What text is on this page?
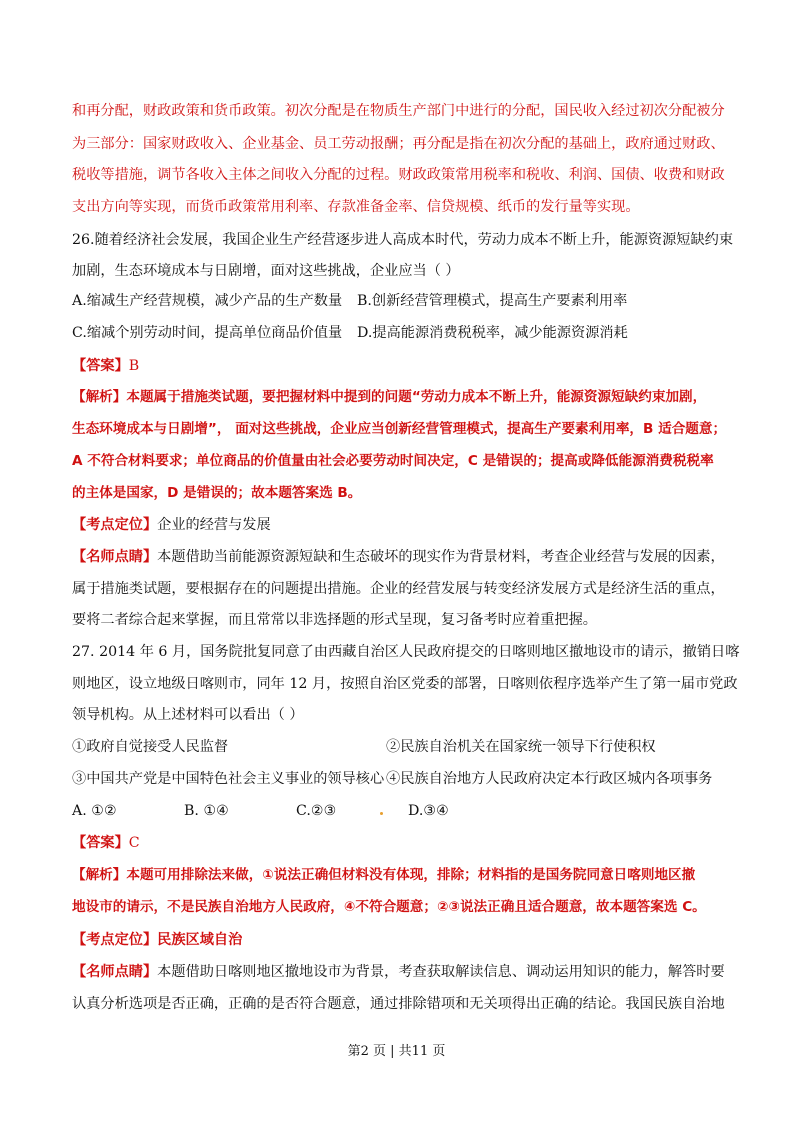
和再分配，财政政策和货币政策。初次分配是在物质生产部门中进行的分配，国民收入经过初次分配被分
为三部分：国家财政收入、企业基金、员工劳动报酬；再分配是指在初次分配的基础上，政府通过财政、
税收等措施，调节各收入主体之间收入分配的过程。财政政策常用税率和税收、利润、国债、收费和财政
支出方向等实现，而货币政策常用利率、存款准备金率、信贷规模、纸币的发行量等实现。
26.随着经济社会发展，我国企业生产经营逐步进人高成本时代，劳动力成本不断上升，能源资源短缺约束
加剧，生态环境成本与日剧增，面对这些挑战，企业应当（ ）
A.缩减生产经营规模，减少产品的生产数量 B.创新经营管理模式，提高生产要素利用率
C.缩减个别劳动时间，提高单位商品价值量 D.提高能源消费税税率，减少能源资源消耗
【答案】B
【解析】本题属于措施类试题，要把握材料中提到的问题“劳动力成本不断上升，能源资源短缺约束加剧，
生态环境成本与日剧增”， 面对这些挑战，企业应当创新经营管理模式，提高生产要素利用率，B 适合题意；
A 不符合材料要求；单位商品的价值量由社会必要劳动时间决定，C 是错误的；提高或降低能源消费税税率
的主体是国家，D 是错误的；故本题答案选 B。
【考点定位】企业的经营与发展
【名师点睛】本题借助当前能源资源短缺和生态破坏的现实作为背景材料，考查企业经营与发展的因素，
属于措施类试题，要根据存在的问题提出措施。企业的经营发展与转变经济发展方式是经济生活的重点，
要将二者综合起来掌握，而且常常以非选择题的形式呈现，复习备考时应着重把握。
27. 2014 年 6 月，国务院批复同意了由西藏自治区人民政府提交的日喀则地区撤地设市的请示，撤销日喀
则地区，设立地级日喀则市，同年 12 月，按照自治区党委的部署，日喀则依程序选举产生了第一届市党政
领导机构。从上述材料可以看出（ ）
①政府自觉接受人民监督	②民族自治机关在国家统一领导下行使积权
③中国共产党是中国特色社会主义事业的领导核心 ④民族自治地方人民政府决定本行政区城内各项事务
A. ①②	B. ①④	C.②③	D.③④
【答案】C
【解析】本题可用排除法来做，①说法正确但材料没有体现，排除；材料指的是国务院同意日喀则地区撤
地设市的请示，不是民族自治地方人民政府，④不符合题意；②③说法正确且适合题意，故本题答案选 C。
【考点定位】民族区域自治
【名师点睛】本题借助日喀则地区撤地设市为背景，考查获取解读信息、调动运用知识的能力，解答时要
认真分析选项是否正确，正确的是否符合题意，通过排除错项和无关项得出正确的结论。我国民族自治地
第2 页 | 共11 页
